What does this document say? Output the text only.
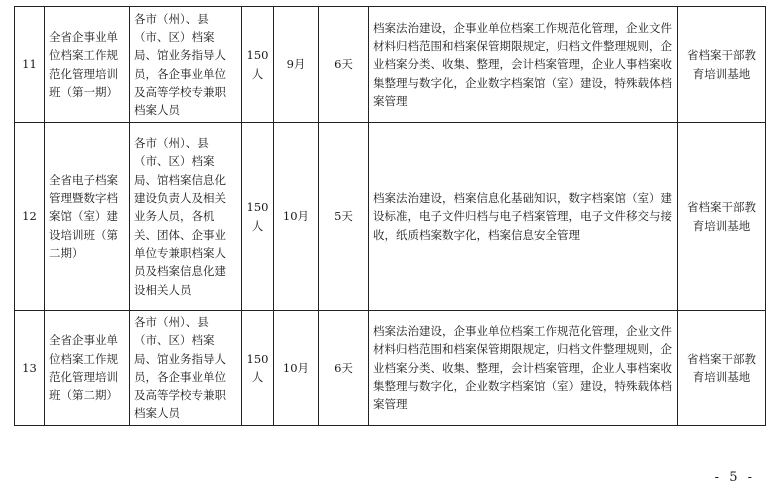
11	全省企事业单位档案工作规范化管理培训班（第一期）	各市（州）、县（市、区）档案局、馆业务指导人员，各企事业单位及高等学校专兼职档案人员	150人	9月	6天	档案法治建设，企事业单位档案工作规范化管理，企业文件材料归档范围和档案保管期限规定，归档文件整理规则，企业档案分类、收集、整理，会计档案管理，企业人事档案收集整理与数字化，企业数字档案馆（室）建设，特殊载体档案管理	省档案干部教育培训基地
12	全省电子档案管理暨数字档案馆（室）建设培训班（第二期）	各市（州）、县（市、区）档案局、馆档案信息化建设负责人及相关业务人员，各机关、团体、企事业单位专兼职档案人员及档案信息化建设相关人员	150人	10月	5天	档案法治建设，档案信息化基础知识，数字档案馆（室）建设标准，电子文件归档与电子档案管理，电子文件移交与接收，纸质档案数字化，档案信息安全管理	省档案干部教育培训基地
13	全省企事业单位档案工作规范化管理培训班（第二期）	各市（州）、县（市、区）档案局、馆业务指导人员，各企事业单位及高等学校专兼职档案人员	150人	10月	6天	档案法治建设，企事业单位档案工作规范化管理，企业文件材料归档范围和档案保管期限规定，归档文件整理规则，企业档案分类、收集、整理，会计档案管理，企业人事档案收集整理与数字化，企业数字档案馆（室）建设，特殊载体档案管理	省档案干部教育培训基地
- 5 -
